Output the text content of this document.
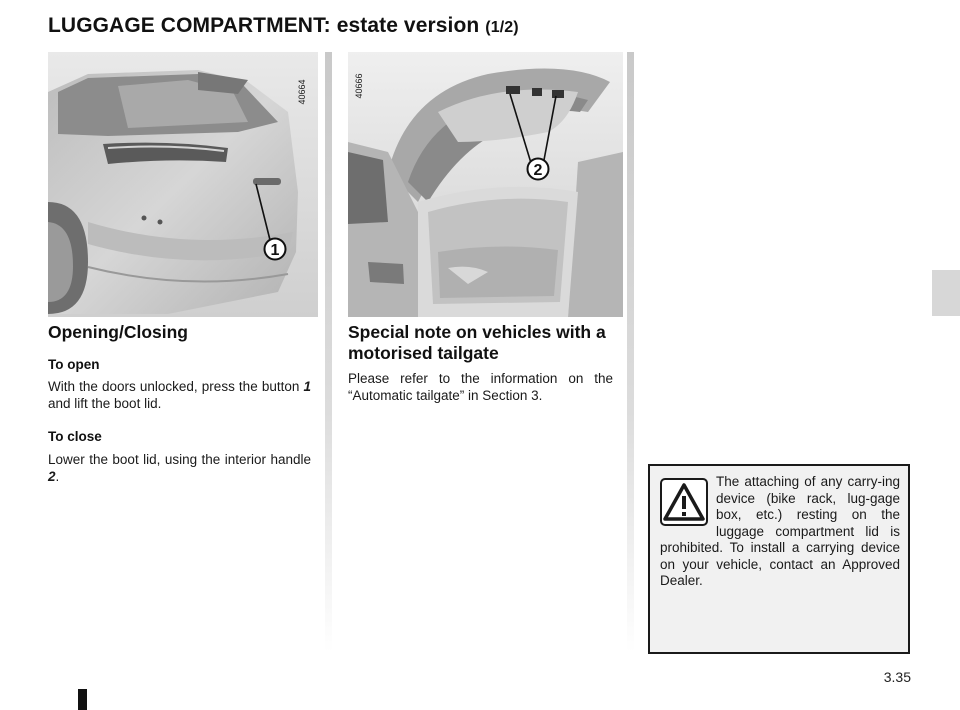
LUGGAGE COMPARTMENT: estate version (1/2)
1
40664
2
40666
Opening/Closing
To open

With the doors unlocked, press the button 1 and lift the boot lid.

To close

Lower the boot lid, using the interior handle 2.

Special note on vehicles with a motorised tailgate

Please refer to the information on the “Automatic tailgate” in Section 3.

The attaching of any carry-ing device (bike rack, lug-gage box, etc.) resting on the luggage compartment lid is prohibited. To install a carrying device on your vehicle, contact an Approved Dealer.

3.35
